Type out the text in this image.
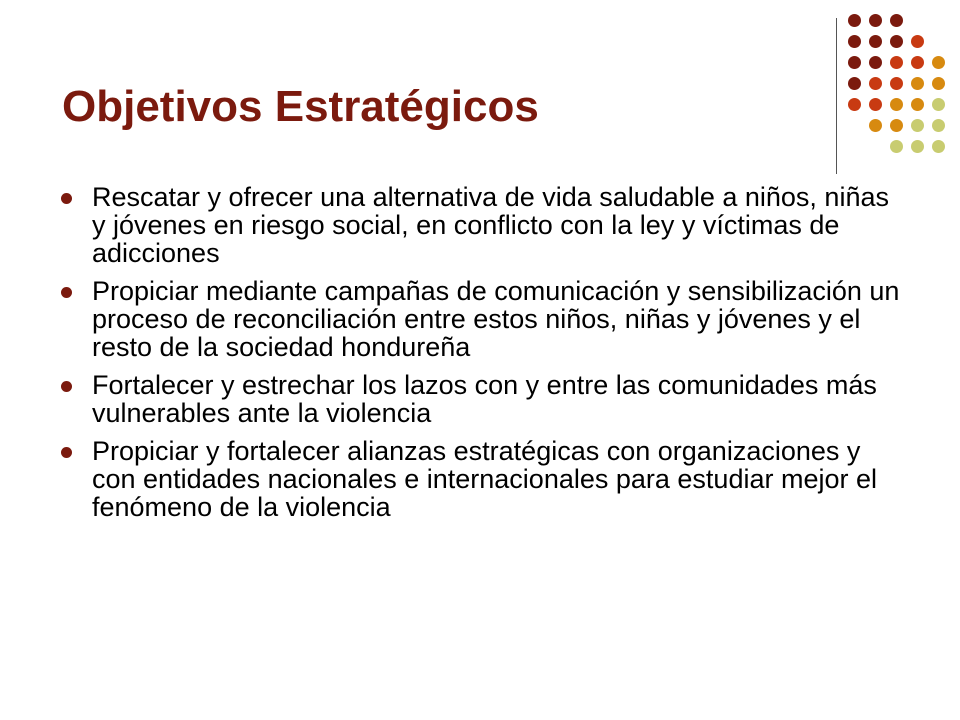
Objetivos Estratégicos
Rescatar y ofrecer una alternativa de vida saludable a niños, niñas y jóvenes en riesgo social, en conflicto con la ley y víctimas de adicciones
Propiciar mediante campañas de comunicación y sensibilización un proceso de reconciliación entre estos niños, niñas y jóvenes y el resto de la sociedad hondureña
Fortalecer y estrechar los lazos con y entre las comunidades más vulnerables ante la violencia
Propiciar y fortalecer alianzas estratégicas con organizaciones y con entidades nacionales e internacionales para estudiar mejor el fenómeno de la violencia
